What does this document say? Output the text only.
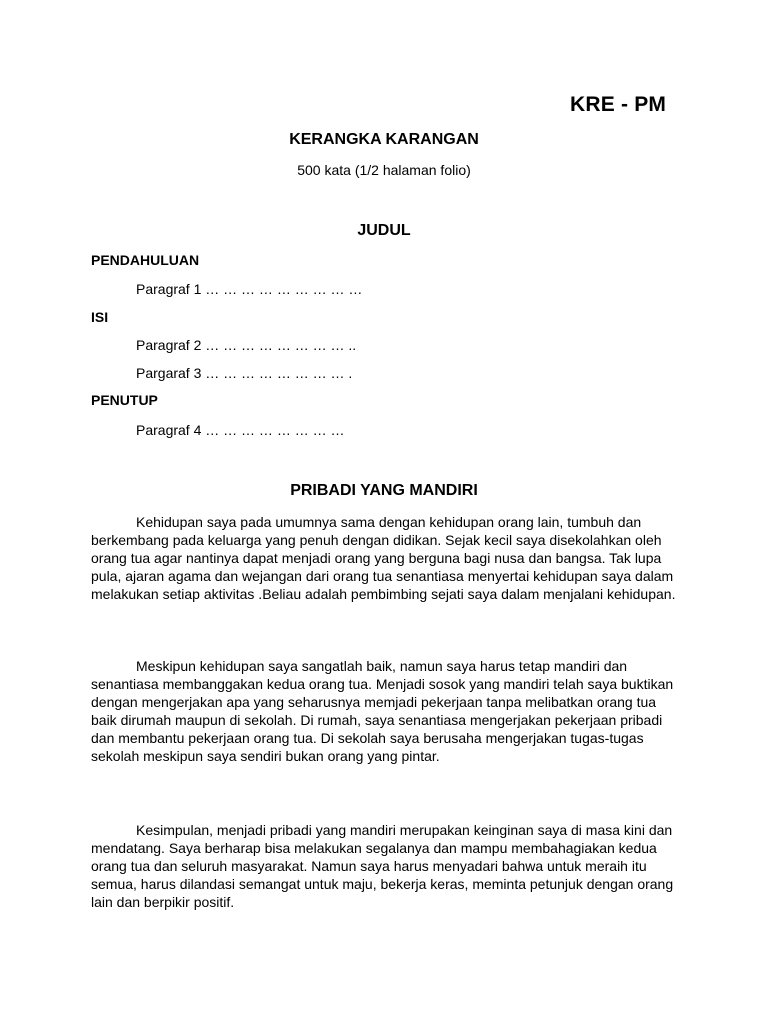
KRE - PM
KERANGKA KARANGAN
500 kata (1/2 halaman folio)
JUDUL
PENDAHULUAN
Paragraf 1 … … … … … … … … …
ISI
Paragraf 2 … … … … … … … … ..
Pargaraf 3 … … … … … … … … .
PENUTUP
Paragraf 4 … … … … … … … …
PRIBADI YANG MANDIRI

Kehidupan saya pada umumnya sama dengan kehidupan orang lain, tumbuh dan berkembang pada keluarga yang penuh dengan didikan. Sejak kecil saya disekolahkan oleh orang tua agar nantinya dapat menjadi orang yang berguna bagi nusa dan bangsa. Tak lupa pula, ajaran agama dan wejangan dari orang tua senantiasa menyertai kehidupan saya dalam melakukan setiap aktivitas .Beliau adalah pembimbing sejati saya dalam menjalani kehidupan.

Meskipun kehidupan saya sangatlah baik, namun saya harus tetap mandiri dan senantiasa membanggakan kedua orang tua. Menjadi sosok yang mandiri telah saya buktikan dengan mengerjakan apa yang seharusnya memjadi pekerjaan tanpa melibatkan orang tua baik dirumah maupun di sekolah. Di rumah, saya senantiasa mengerjakan pekerjaan pribadi dan membantu pekerjaan orang tua. Di sekolah saya berusaha mengerjakan tugas-tugas sekolah meskipun saya sendiri bukan orang yang pintar.

Kesimpulan, menjadi pribadi yang mandiri merupakan keinginan saya di masa kini dan mendatang. Saya berharap bisa melakukan segalanya dan mampu membahagiakan kedua orang tua dan seluruh masyarakat. Namun saya harus menyadari bahwa untuk meraih itu semua, harus dilandasi semangat untuk maju, bekerja keras, meminta petunjuk dengan orang lain dan berpikir positif.
